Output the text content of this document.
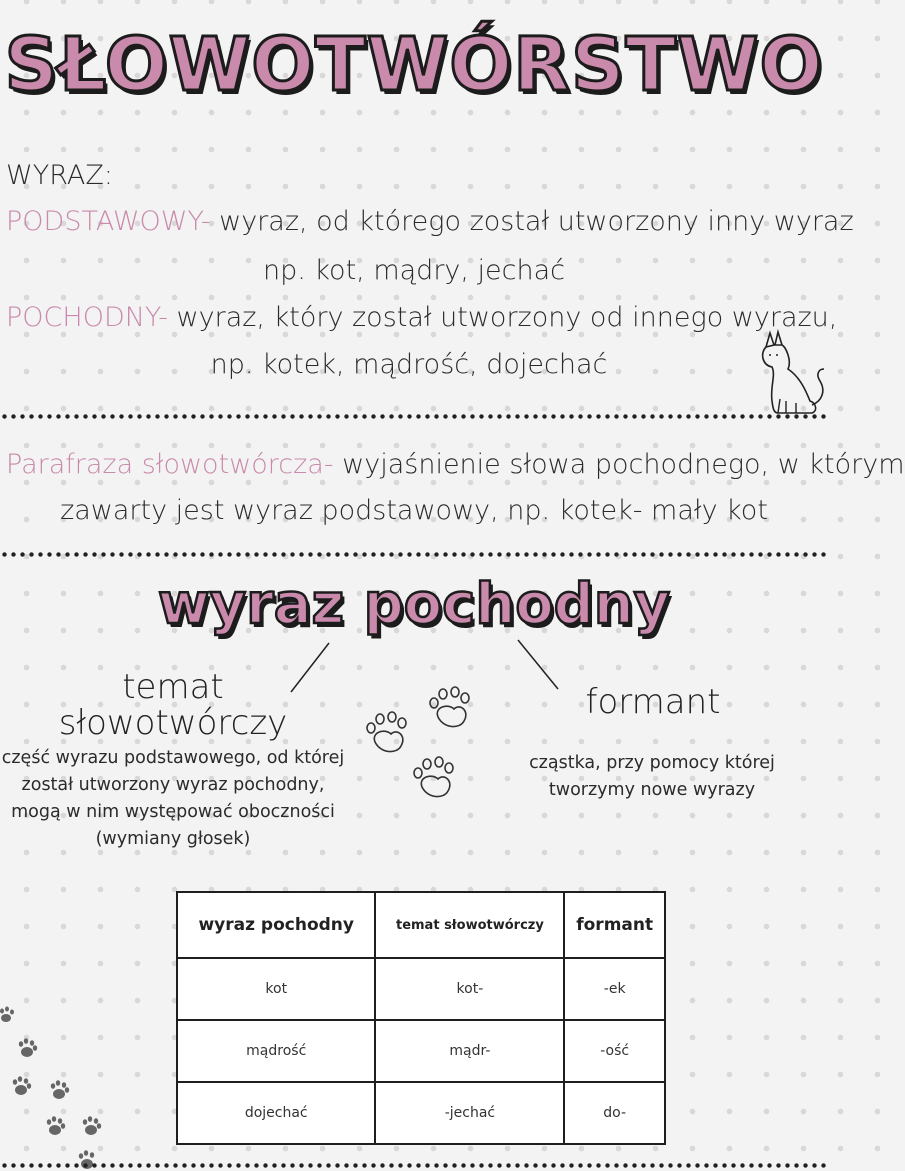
SŁOWOTWÓRSTWO
WYRAZ:
PODSTAWOWY- wyraz, od którego został utworzony inny wyraz
np. kot, mądry, jechać
POCHODNY- wyraz, który został utworzony od innego wyrazu,
np. kotek, mądrość, dojechać
Parafraza słowotwórcza- wyjaśnienie słowa pochodnego, w którym
zawarty jest wyraz podstawowy, np. kotek- mały kot
wyraz pochodny
temat
słowotwórczy
część wyrazu podstawowego, od której
został utworzony wyraz pochodny,
mogą w nim występować oboczności
(wymiany głosek)
formant
cząstka, przy pomocy której
tworzymy nowe wyrazy
wyraz pochodny	temat słowotwórczy	formant
kot	kot-	-ek
mądrość	mądr-	-ość
dojechać	-jechać	do-
